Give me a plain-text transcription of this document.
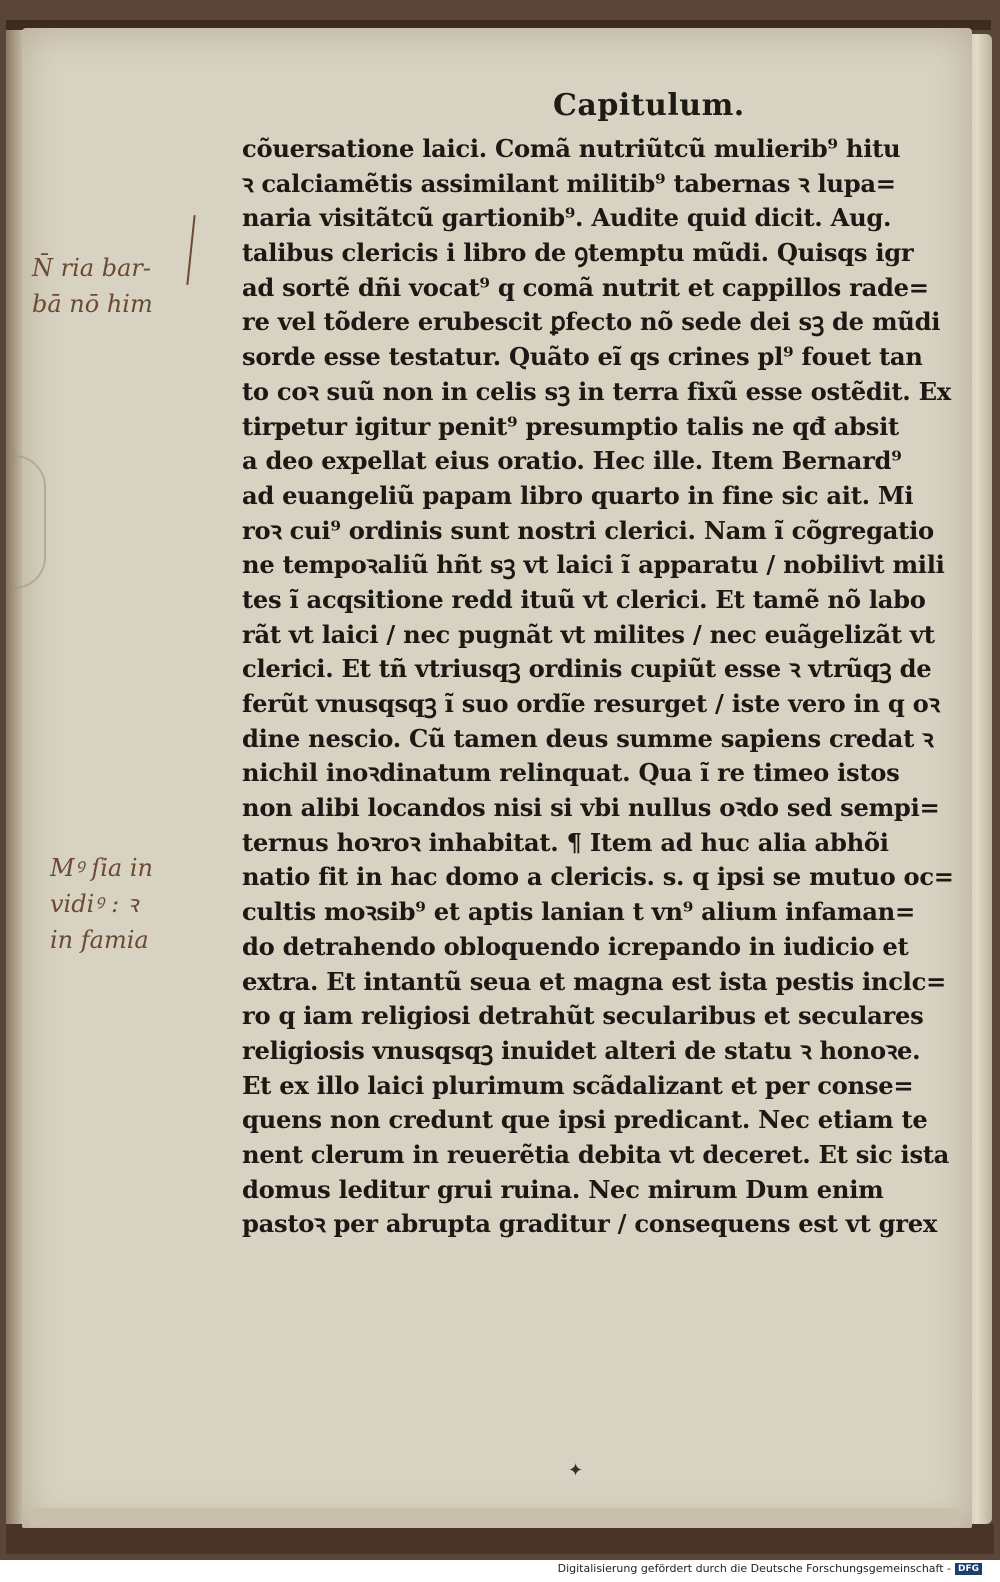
Capitulum.
cõuersatione laici. Comã nutriũtcũ mulierib⁹ hitu
ꝛ calciamẽtis assimilant militib⁹ tabernas ꝛ lupa=
naria visitãtcũ gartionib⁹. Audite quid dicit. Aug.
talibus clericis i libro de ꝯtemptu mũdi. Quisqs igr
ad sortẽ dñi vocat⁹ q comã nutrit et cappillos rade=
re vel tõdere erubescit ꝑfecto nõ sede dei sꝫ de mũdi
sorde esse testatur. Quãto eĩ qs crines pl⁹ fouet tan
to coꝛ suũ non in celis sꝫ in terra fixũ esse ostẽdit. Ex
tirpetur igitur penit⁹ presumptio talis ne qđ absit
a deo expellat eius oratio. Hec ille. Item Bernard⁹
ad euangeliũ papam libro quarto in fine sic ait. Mi
roꝛ cui⁹ ordinis sunt nostri clerici. Nam ĩ cõgregatio
ne tempoꝛaliũ hñt sꝫ vt laici ĩ apparatu / nobilivt mili
tes ĩ acqsitione redd ituũ vt clerici. Et tamẽ nõ labo
rãt vt laici / nec pugnãt vt milites / nec euãgelizãt vt
clerici. Et tñ vtriusqꝫ ordinis cupiũt esse ꝛ vtrũqꝫ de
ferũt vnusqsqꝫ ĩ suo ordĩe resurget / iste vero in q oꝛ
dine nescio. Cũ tamen deus summe sapiens credat ꝛ
nichil inoꝛdinatum relinquat. Qua ĩ re timeo istos
non alibi locandos nisi si vbi nullus oꝛdo sed sempi=
ternus hoꝛroꝛ inhabitat. ¶ Item ad huc alia abhõi
natio fit in hac domo a clericis. s. q ipsi se mutuo oc=
cultis moꝛsib⁹ et aptis lanian t vn⁹ alium infaman=
do detrahendo obloquendo icrepando in iudicio et
extra. Et intantũ seua et magna est ista pestis inclc=
ro q iam religiosi detrahũt secularibus et seculares
religiosis vnusqsqꝫ inuidet alteri de statu ꝛ honoꝛe.
Et ex illo laici plurimum scãdalizant et per conse=
quens non credunt que ipsi predicant. Nec etiam te
nent clerum in reuerẽtia debita vt deceret. Et sic ista
domus leditur grui ruina. Nec mirum Dum enim
pastoꝛ per abrupta graditur / consequens est vt grex
N̄ ria bar-
bā nō him
Mꝰ ſia in
vidiꝰ : ꝛ
in famia
✦
Digitalisierung gefördert durch die Deutsche Forschungsgemeinschaft - DFG
